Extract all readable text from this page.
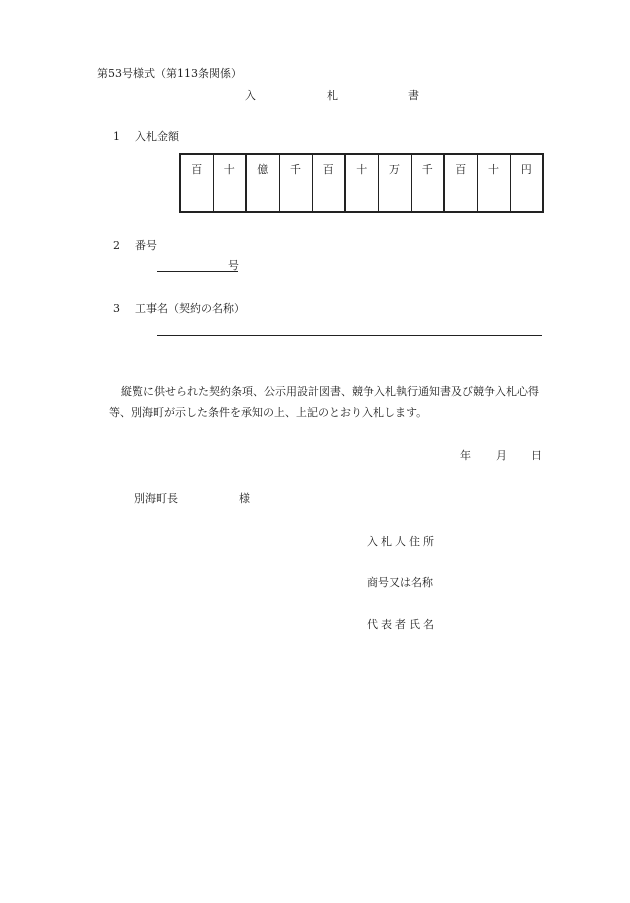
第53号様式（第113条関係）
入	札	書
1 入札金額
百	十	億	千	百	十	万	千	百	十	円
2 番号
号
3 工事名（契約の名称）
縦覧に供せられた契約条項、公示用設計図書、競争入札執行通知書及び競争入札心得
等、別海町が示した条件を承知の上、上記のとおり入札します。
年 月 日
別海町長	様
入札人住所
商号又は名称
代表者氏名
